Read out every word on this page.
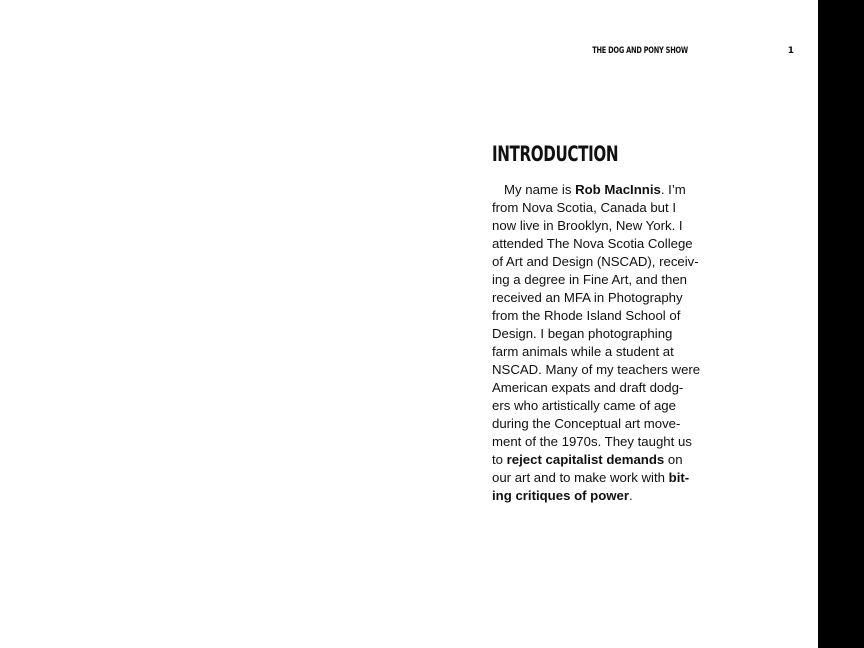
THE DOG AND PONY SHOW	1
INTRODUCTION
My name is Rob MacInnis. I’m
from Nova Scotia, Canada but I
now live in Brooklyn, New York. I
attended The Nova Scotia College
of Art and Design (NSCAD), receiv-
ing a degree in Fine Art, and then
received an MFA in Photography
from the Rhode Island School of
Design. I began photographing
farm animals while a student at
NSCAD. Many of my teachers were
American expats and draft dodg-
ers who artistically came of age
during the Conceptual art move-
ment of the 1970s. They taught us
to reject capitalist demands on
our art and to make work with bit-
ing critiques of power.
